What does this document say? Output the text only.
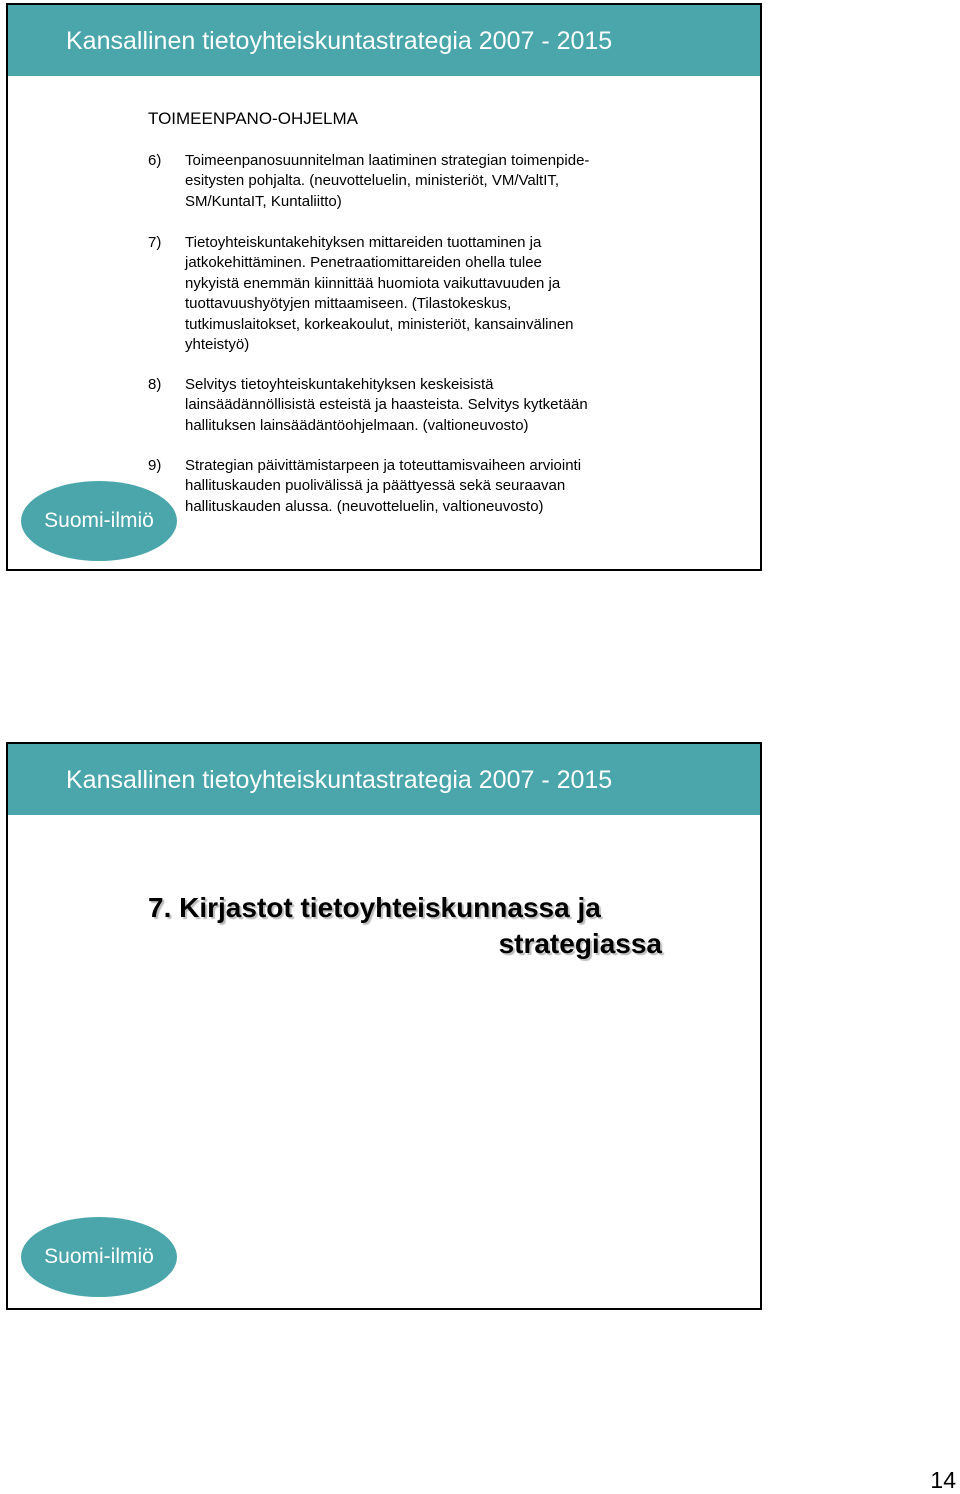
Kansallinen tietoyhteiskuntastrategia 2007 - 2015
TOIMEENPANO-OHJELMA
6) Toimeenpanosuunnitelman laatiminen strategian toimenpide-
esitysten pohjalta. (neuvotteluelin, ministeriöt, VM/ValtIT,
SM/KuntaIT, Kuntaliitto)
7) Tietoyhteiskuntakehityksen mittareiden tuottaminen ja
jatkokehittäminen. Penetraatiomittareiden ohella tulee
nykyistä enemmän kiinnittää huomiota vaikuttavuuden ja
tuottavuushyötyjen mittaamiseen. (Tilastokeskus,
tutkimuslaitokset, korkeakoulut, ministeriöt, kansainvälinen
yhteistyö)
8) Selvitys tietoyhteiskuntakehityksen keskeisistä
lainsäädännöllisistä esteistä ja haasteista. Selvitys kytketään
hallituksen lainsäädäntöohjelmaan. (valtioneuvosto)
9) Strategian päivittämistarpeen ja toteuttamisvaiheen arviointi
hallituskauden puolivälissä ja päättyessä sekä seuraavan
hallituskauden alussa. (neuvotteluelin, valtioneuvosto)
Suomi-ilmiö
Kansallinen tietoyhteiskuntastrategia 2007 - 2015
7. Kirjastot tietoyhteiskunnassa ja
strategiassa
Suomi-ilmiö
14
